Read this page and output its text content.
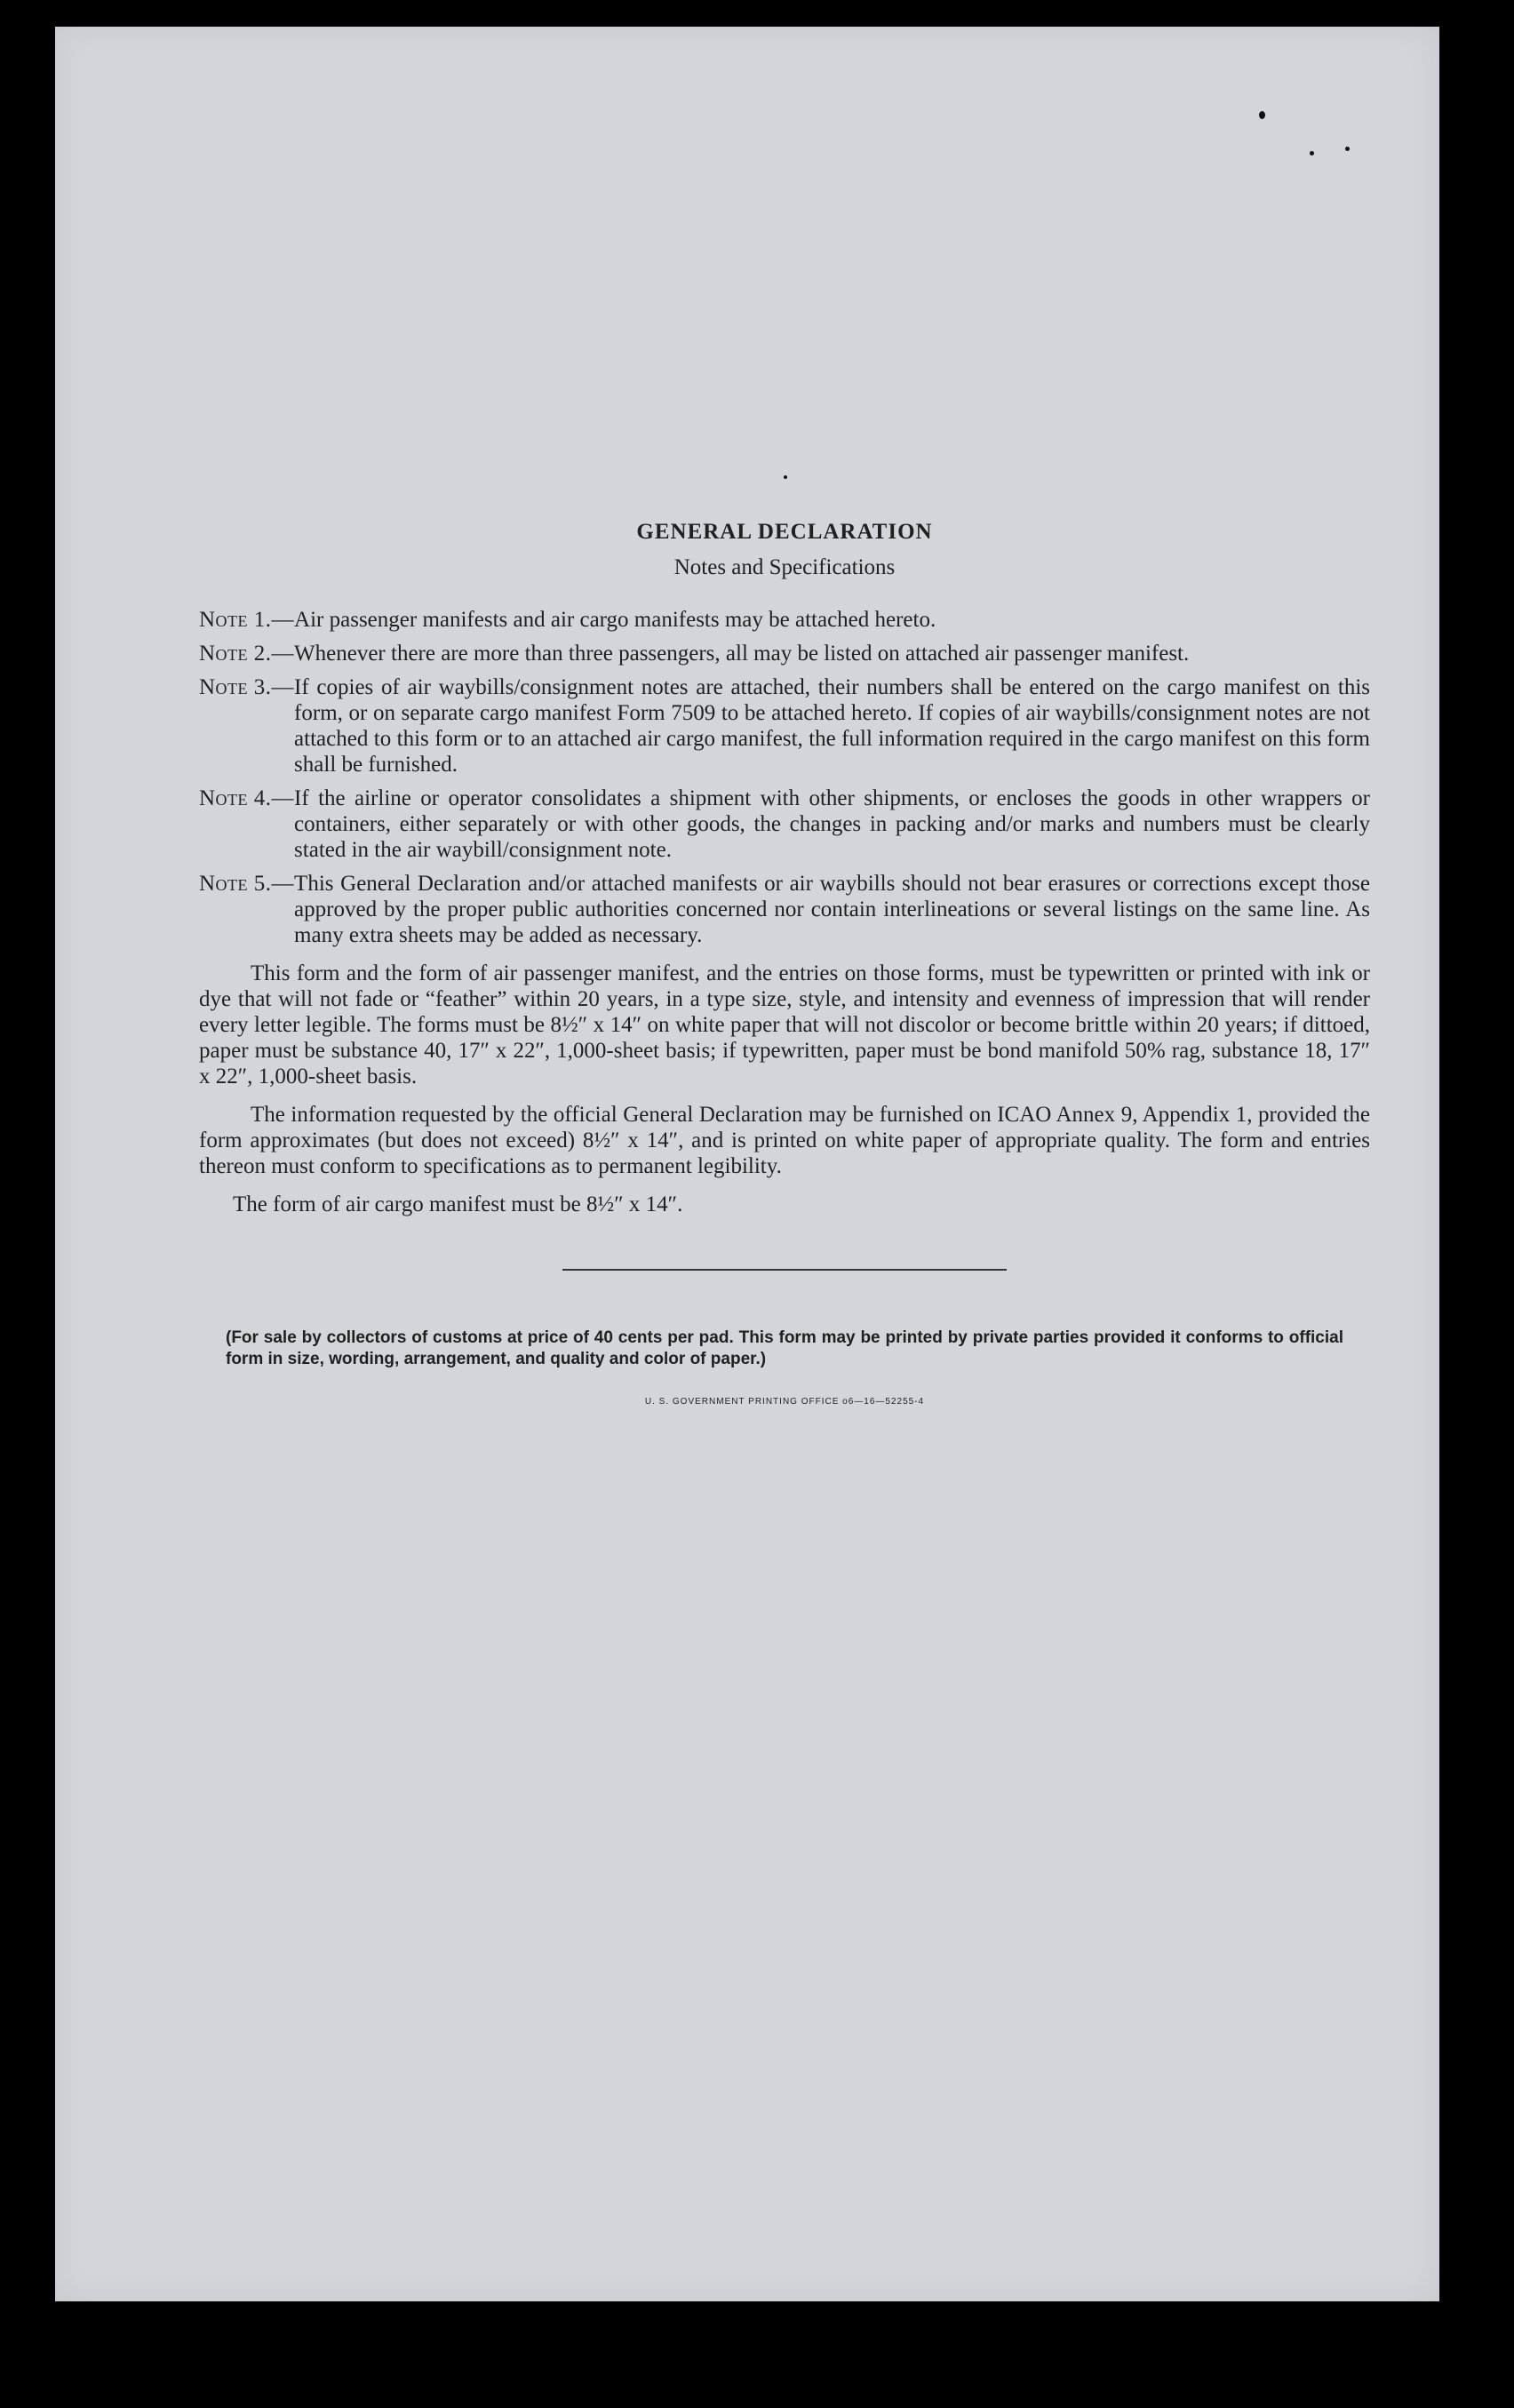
GENERAL DECLARATION
Notes and Specifications
Note 1.— Air passenger manifests and air cargo manifests may be attached hereto.
Note 2.— Whenever there are more than three passengers, all may be listed on attached air passenger manifest.
Note 3.— If copies of air waybills/consignment notes are attached, their numbers shall be entered on the cargo manifest on this form, or on separate cargo manifest Form 7509 to be attached hereto. If copies of air waybills/consignment notes are not attached to this form or to an attached air cargo manifest, the full information required in the cargo manifest on this form shall be furnished.
Note 4.— If the airline or operator consolidates a shipment with other shipments, or encloses the goods in other wrappers or containers, either separately or with other goods, the changes in packing and/or marks and numbers must be clearly stated in the air waybill/consignment note.
Note 5.— This General Declaration and/or attached manifests or air waybills should not bear erasures or corrections except those approved by the proper public authorities concerned nor contain interlineations or several listings on the same line. As many extra sheets may be added as necessary.

This form and the form of air passenger manifest, and the entries on those forms, must be typewritten or printed with ink or dye that will not fade or “feather” within 20 years, in a type size, style, and intensity and evenness of impression that will render every letter legible. The forms must be 8½″ x 14″ on white paper that will not discolor or become brittle within 20 years; if dittoed, paper must be substance 40, 17″ x 22″, 1,000-sheet basis; if typewritten, paper must be bond manifold 50% rag, substance 18, 17″ x 22″, 1,000-sheet basis.

The information requested by the official General Declaration may be furnished on ICAO Annex 9, Appendix 1, provided the form approximates (but does not exceed) 8½″ x 14″, and is printed on white paper of appropriate quality. The form and entries thereon must conform to specifications as to permanent legibility.

The form of air cargo manifest must be 8½″ x 14″.

(For sale by collectors of customs at price of 40 cents per pad. This form may be printed by private parties provided it conforms to official form in size, wording, arrangement, and quality and color of paper.)

U. S. GOVERNMENT PRINTING OFFICE o6—16—52255-4
